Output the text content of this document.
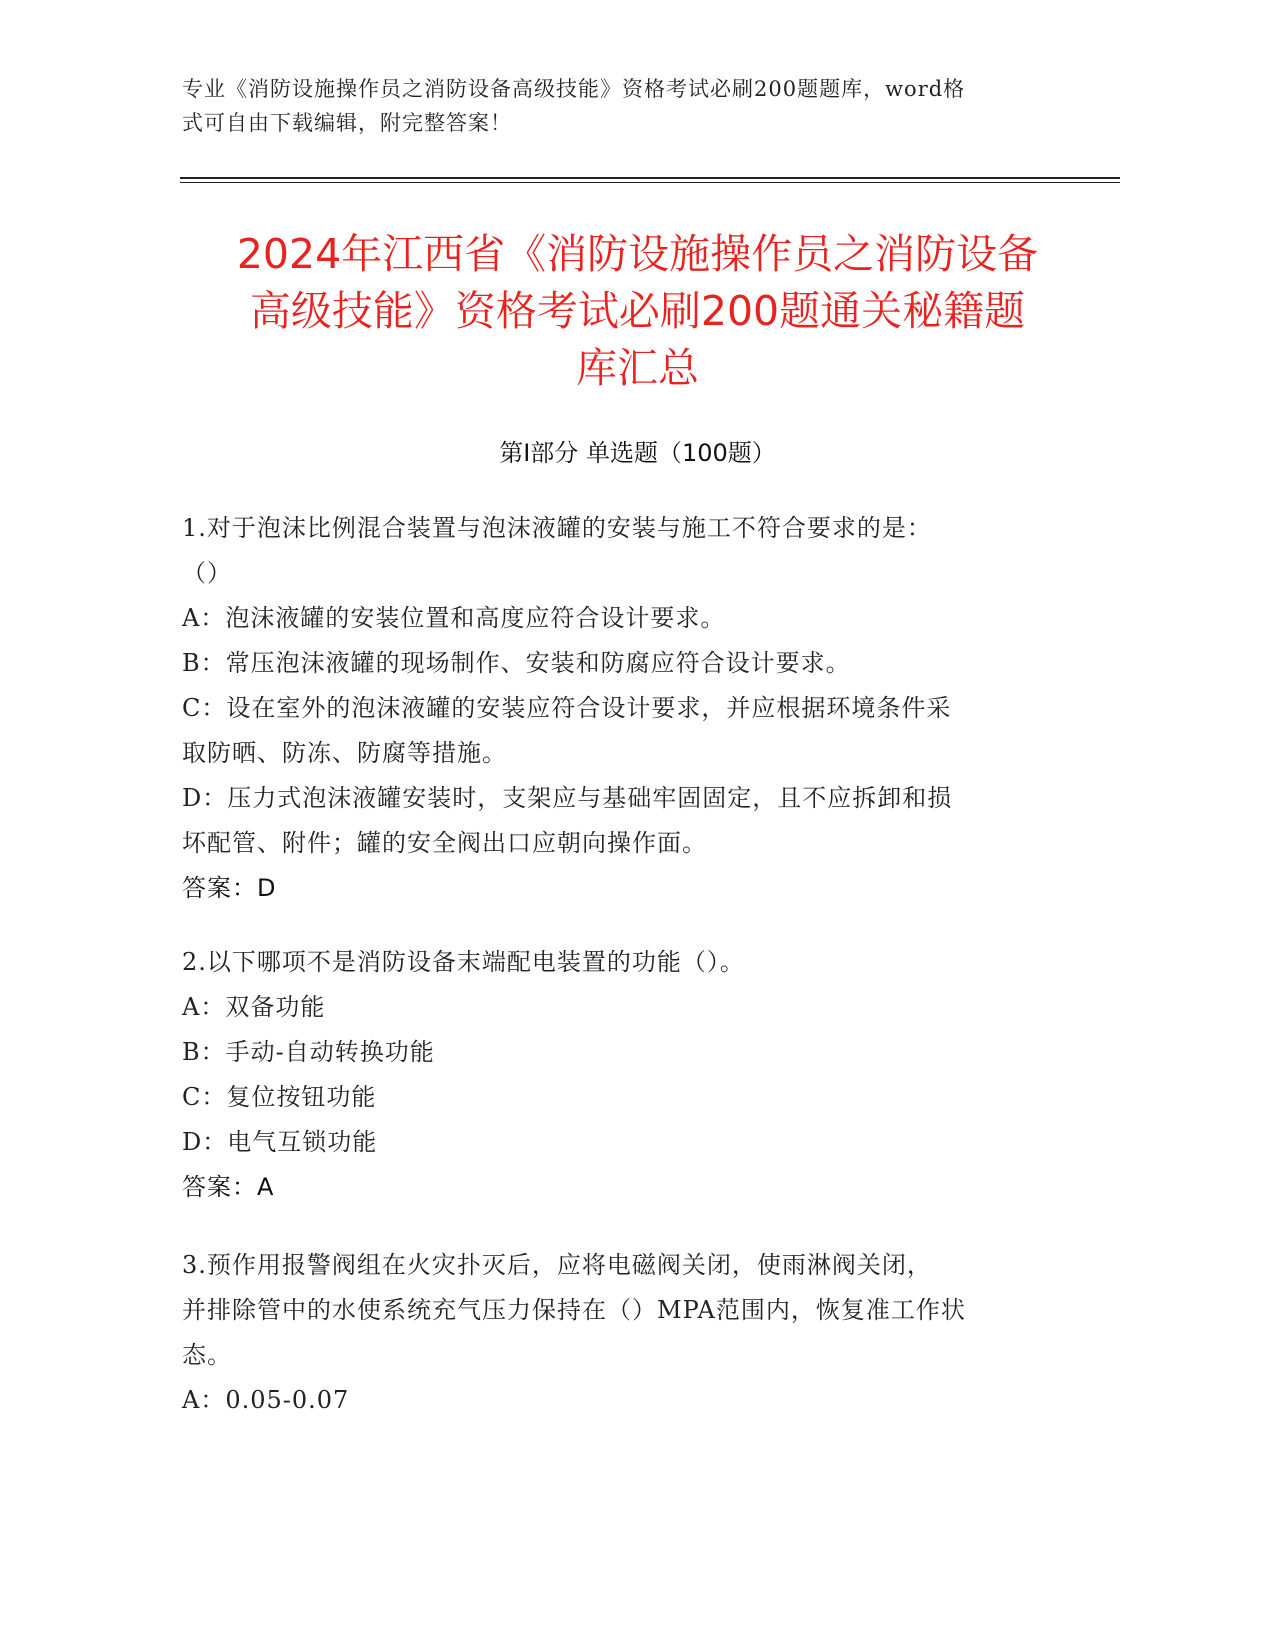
专业《消防设施操作员之消防设备高级技能》资格考试必刷200题题库，word格
式可自由下载编辑，附完整答案！
2024年江西省《消防设施操作员之消防设备
高级技能》资格考试必刷200题通关秘籍题
库汇总
第Ⅰ部分 单选题（100题）
1.对于泡沫比例混合装置与泡沫液罐的安装与施工不符合要求的是：
（）
A：泡沫液罐的安装位置和高度应符合设计要求。
B：常压泡沫液罐的现场制作、安装和防腐应符合设计要求。
C：设在室外的泡沫液罐的安装应符合设计要求，并应根据环境条件采
取防晒、防冻、防腐等措施。
D：压力式泡沫液罐安装时，支架应与基础牢固固定，且不应拆卸和损
坏配管、附件；罐的安全阀出口应朝向操作面。
答案：D
2.以下哪项不是消防设备末端配电装置的功能（）。
A：双备功能
B：手动-自动转换功能
C：复位按钮功能
D：电气互锁功能
答案：A
3.预作用报警阀组在火灾扑灭后，应将电磁阀关闭，使雨淋阀关闭，
并排除管中的水使系统充气压力保持在（）MPA范围内，恢复准工作状
态。
A：0.05-0.07
